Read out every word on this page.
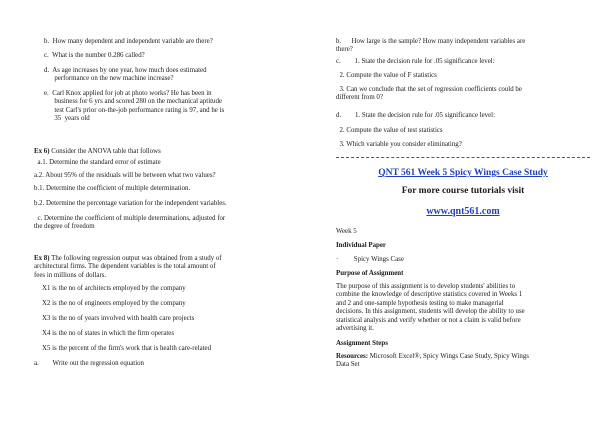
b.  How many dependent and independent variable are there?
c.  What is the number 0.286 called?
d.  As age increases by one year, how much does estimated
performance on the new machine increase?
e.  Carl Knox applied for job at photo works? He has been in
business for 6 yrs and scored 280 on the mechanical aptitude
test Carl's prior on-the-job performance rating is 97, and he is
35  years old
Ex 6) Consider the ANOVA table that follows
a.1. Determine the standard error of estimate
a.2. About 95% of the residuals will be between what two values?
b.1. Determine the coefficient of multiple determination.
b.2. Determine the percentage variation for the independent variables.
c. Determine the coefficient of multiple determinations, adjusted for
the degree of freedom
Ex 8) The following regression output was obtained from a study of
architectural firms. The dependent variables is the total amount of
fees in millions of dollars.
X1 is the no of architects employed by the company
X2 is the no of engineers employed by the company
X3 is the no of years involved with health care projects
X4 is the no of states in which the firm operates
X5 is the percent of the firm's work that is health care-related
a.        Write out the regression equation
b.      How large is the sample? How many independent variables are
there?
c.        1. State the decision rule for .05 significance level:
2. Compute the value of F statistics
3. Can we conclude that the set of regression coefficients could be
different from 0?
d.        1. State the decision rule for .05 significance level:
2. Compute the value of test statistics
3. Which variable you consider eliminating?
QNT 561 Week 5 Spicy Wings Case Study
For more course tutorials visit
www.qnt561.com
Week 5
Individual Paper
·         Spicy Wings Case
Purpose of Assignment
The purpose of this assignment is to develop students' abilities to
combine the knowledge of descriptive statistics covered in Weeks 1
and 2 and one-sample hypothesis testing to make managerial
decisions. In this assignment, students will develop the ability to use
statistical analysis and verify whether or not a claim is valid before
advertising it.
Assignment Steps
Resources: Microsoft Excel®, Spicy Wings Case Study, Spicy Wings
Data Set
